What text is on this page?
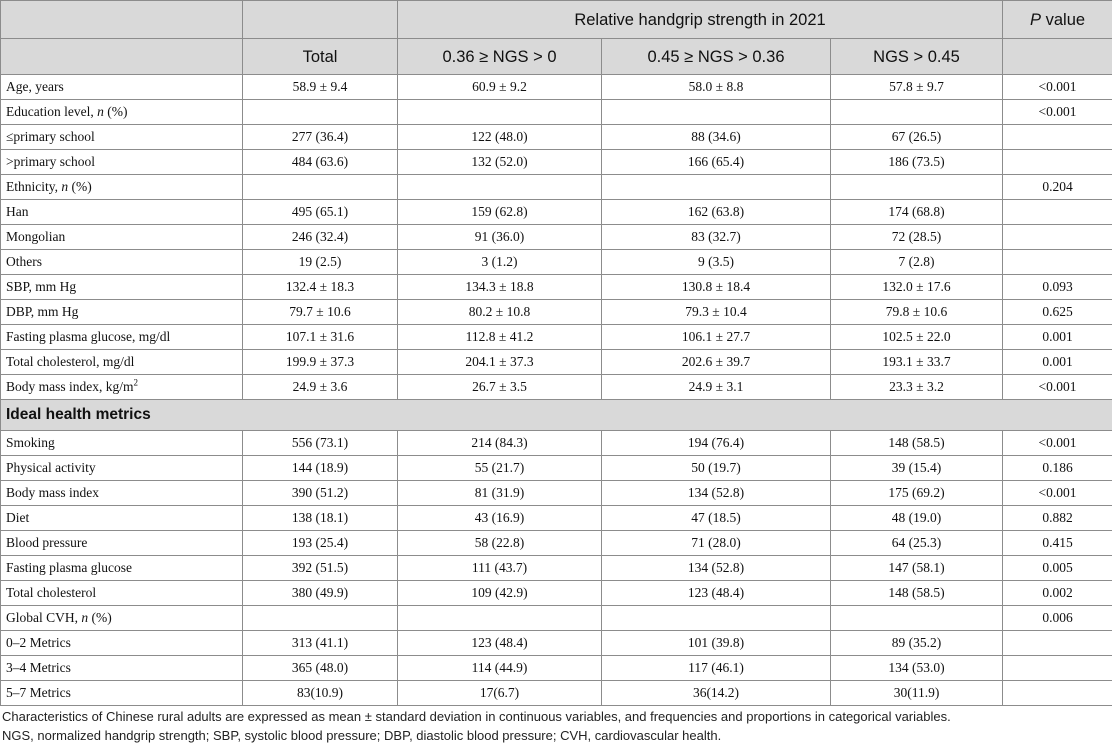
		Relative handgrip strength in 2021			P value
	Total	0.36 ≥ NGS > 0	0.45 ≥ NGS > 0.36	NGS > 0.45	
Age, years	58.9 ± 9.4	60.9 ± 9.2	58.0 ± 8.8	57.8 ± 9.7	<0.001
Education level, n (%)					<0.001
≤primary school	277 (36.4)	122 (48.0)	88 (34.6)	67 (26.5)	
>primary school	484 (63.6)	132 (52.0)	166 (65.4)	186 (73.5)	
Ethnicity, n (%)					0.204
Han	495 (65.1)	159 (62.8)	162 (63.8)	174 (68.8)	
Mongolian	246 (32.4)	91 (36.0)	83 (32.7)	72 (28.5)	
Others	19 (2.5)	3 (1.2)	9 (3.5)	7 (2.8)	
SBP, mm Hg	132.4 ± 18.3	134.3 ± 18.8	130.8 ± 18.4	132.0 ± 17.6	0.093
DBP, mm Hg	79.7 ± 10.6	80.2 ± 10.8	79.3 ± 10.4	79.8 ± 10.6	0.625
Fasting plasma glucose, mg/dl	107.1 ± 31.6	112.8 ± 41.2	106.1 ± 27.7	102.5 ± 22.0	0.001
Total cholesterol, mg/dl	199.9 ± 37.3	204.1 ± 37.3	202.6 ± 39.7	193.1 ± 33.7	0.001
Body mass index, $kg/m^2$	24.9 ± 3.6	26.7 ± 3.5	24.9 ± 3.1	23.3 ± 3.2	<0.001
Ideal health metrics					
Smoking	556 (73.1)	214 (84.3)	194 (76.4)	148 (58.5)	<0.001
Physical activity	144 (18.9)	55 (21.7)	50 (19.7)	39 (15.4)	0.186
Body mass index	390 (51.2)	81 (31.9)	134 (52.8)	175 (69.2)	<0.001
Diet	138 (18.1)	43 (16.9)	47 (18.5)	48 (19.0)	0.882
Blood pressure	193 (25.4)	58 (22.8)	71 (28.0)	64 (25.3)	0.415
Fasting plasma glucose	392 (51.5)	111 (43.7)	134 (52.8)	147 (58.1)	0.005
Total cholesterol	380 (49.9)	109 (42.9)	123 (48.4)	148 (58.5)	0.002
Global CVH, n (%)					0.006
0–2 Metrics	313 (41.1)	123 (48.4)	101 (39.8)	89 (35.2)	
3–4 Metrics	365 (48.0)	114 (44.9)	117 (46.1)	134 (53.0)	
5–7 Metrics	83(10.9)	17(6.7)	36(14.2)	30(11.9)	
Characteristics of Chinese rural adults are expressed as mean ± standard deviation in continuous variables, and frequencies and proportions in categorical variables.
NGS, normalized handgrip strength; SBP, systolic blood pressure; DBP, diastolic blood pressure; CVH, cardiovascular health.
